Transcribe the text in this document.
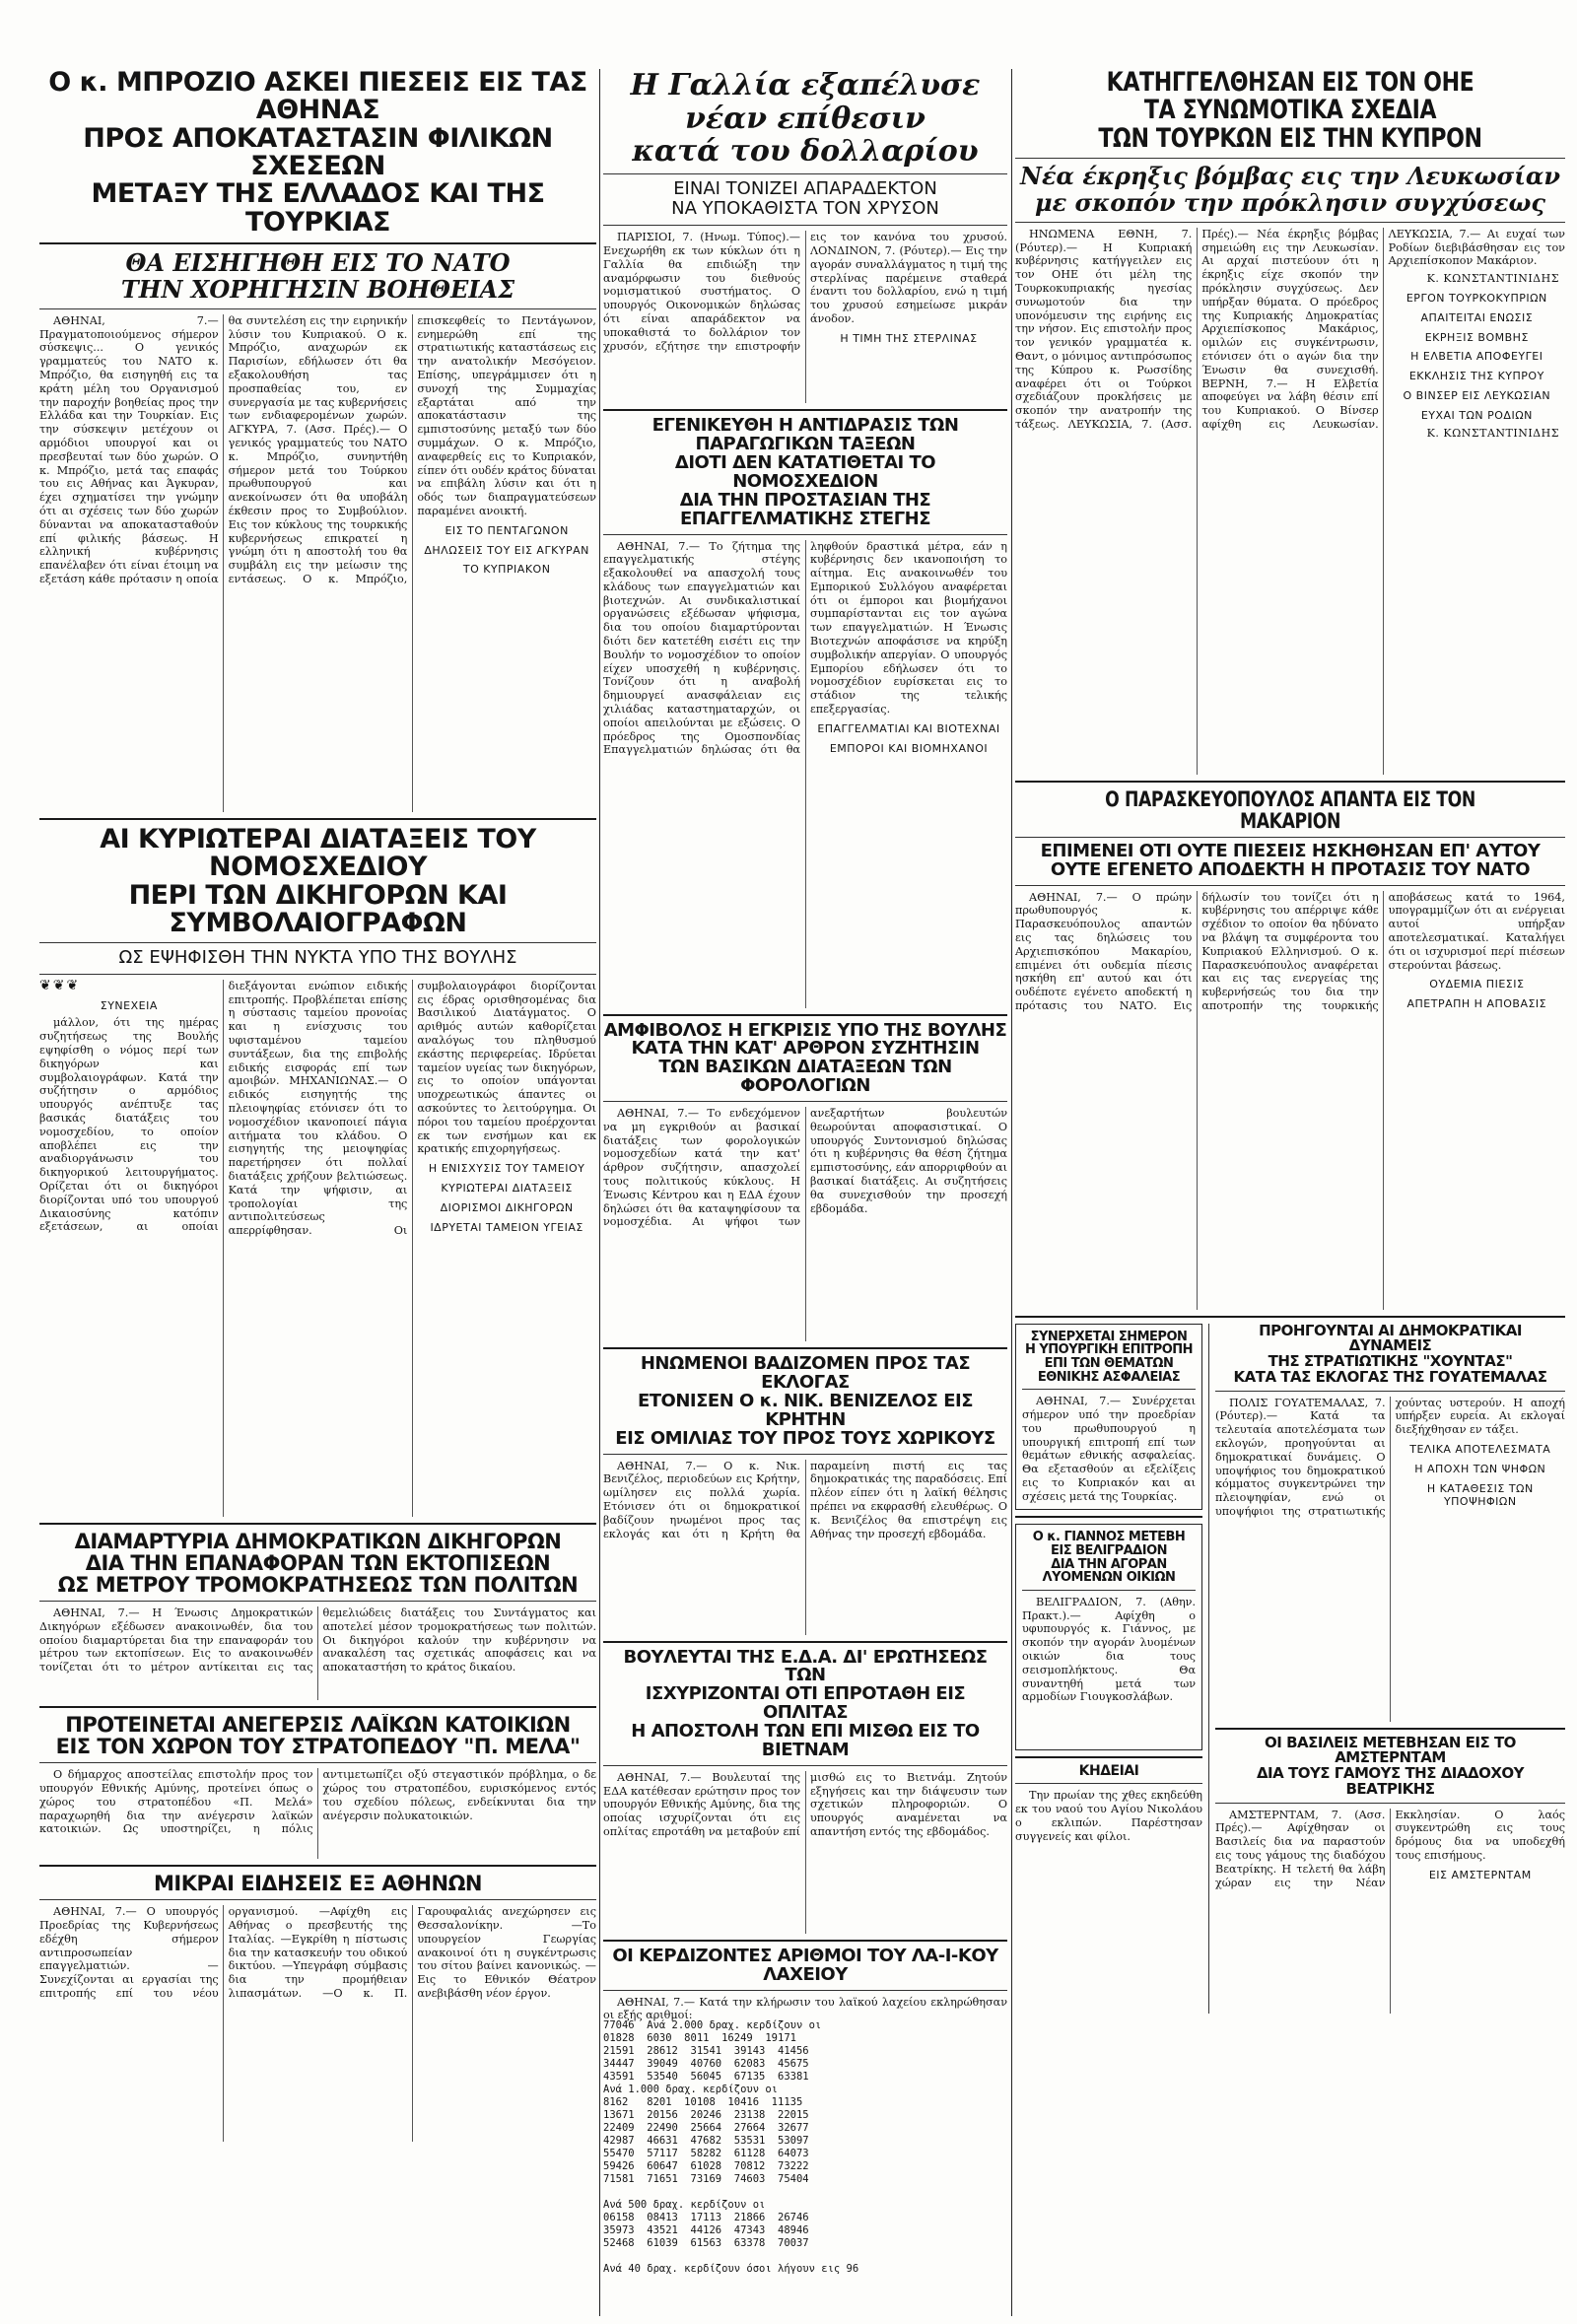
Ο κ. ΜΠΡΟΖΙΟ ΑΣΚΕΙ ΠΙΕΣΕΙΣ ΕΙΣ ΤΑΣ ΑΘΗΝΑΣ
ΠΡΟΣ ΑΠΟΚΑΤΑΣΤΑΣΙΝ ΦΙΛΙΚΩΝ ΣΧΕΣΕΩΝ
ΜΕΤΑΞΥ ΤΗΣ ΕΛΛΑΔΟΣ ΚΑΙ ΤΗΣ ΤΟΥΡΚΙΑΣ
ΘΑ ΕΙΣΗΓΗΘΗ ΕΙΣ ΤΟ ΝΑΤΟ
ΤΗΝ ΧΟΡΗΓΗΣΙΝ ΒΟΗΘΕΙΑΣ

ΑΘΗΝΑΙ, 7.— Πραγματοποιούμενος σήμερον σύσκεψις... Ο γενικός γραμματεύς του ΝΑΤΟ κ. Μπρόζιο, θα εισηγηθή εις τα κράτη μέλη του Οργανισμού την παροχήν βοηθείας προς την Ελλάδα και την Τουρκίαν. Εις την σύσκεψιν μετέχουν οι αρμόδιοι υπουργοί και οι πρεσβευταί των δύο χωρών. Ο κ. Μπρόζιο, μετά τας επαφάς του εις Αθήνας και Άγκυραν, έχει σχηματίσει την γνώμην ότι αι σχέσεις των δύο χωρών δύνανται να αποκατασταθούν επί φιλικής βάσεως. Η ελληνική κυβέρνησις επανέλαβεν ότι είναι έτοιμη να εξετάση κάθε πρότασιν η οποία θα συντελέση εις την ειρηνικήν λύσιν του Κυπριακού. Ο κ. Μπρόζιο, αναχωρών εκ Παρισίων, εδήλωσεν ότι θα εξακολουθήση τας προσπαθείας του, εν συνεργασία με τας κυβερνήσεις των ενδιαφερομένων χωρών. ΑΓΚΥΡΑ, 7. (Ασσ. Πρές).— Ο γενικός γραμματεύς του ΝΑΤΟ κ. Μπρόζιο, συνηντήθη σήμερον μετά του Τούρκου πρωθυπουργού και ανεκοίνωσεν ότι θα υποβάλη έκθεσιν προς το Συμβούλιον. Εις τον κύκλους της τουρκικής κυβερνήσεως επικρατεί η γνώμη ότι η αποστολή του θα συμβάλη εις την μείωσιν της εντάσεως. Ο κ. Μπρόζιο, επισκεφθείς το Πεντάγωνον, ενημερώθη επί της στρατιωτικής καταστάσεως εις την ανατολικήν Μεσόγειον. Επίσης, υπεγράμμισεν ότι η συνοχή της Συμμαχίας εξαρτάται από την αποκατάστασιν της εμπιστοσύνης μεταξύ των δύο συμμάχων. Ο κ. Μπρόζιο, αναφερθείς εις το Κυπριακόν, είπεν ότι ουδέν κράτος δύναται να επιβάλη λύσιν και ότι η οδός των διαπραγματεύσεων παραμένει ανοικτή.

ΕΙΣ ΤΟ ΠΕΝΤΑΓΩΝΟΝ
ΔΗΛΩΣΕΙΣ ΤΟΥ ΕΙΣ ΑΓΚΥΡΑΝ
ΤΟ ΚΥΠΡΙΑΚΟΝ
ΑΙ ΚΥΡΙΩΤΕΡΑΙ ΔΙΑΤΑΞΕΙΣ ΤΟΥ ΝΟΜΟΣΧΕΔΙΟΥ
ΠΕΡΙ ΤΩΝ ΔΙΚΗΓΟΡΩΝ ΚΑΙ ΣΥΜΒΟΛΑΙΟΓΡΑΦΩΝ
ΩΣ ΕΨΗΦΙΣΘΗ ΤΗΝ ΝΥΚΤΑ ΥΠΟ ΤΗΣ ΒΟΥΛΗΣ
❦❦❦
ΣΥΝΕΧΕΙΑ

μάλλον, ότι της ημέρας συζητήσεως της Βουλής εψηφίσθη ο νόμος περί των δικηγόρων και συμβολαιογράφων. Κατά την συζήτησιν ο αρμόδιος υπουργός ανέπτυξε τας βασικάς διατάξεις του νομοσχεδίου, το οποίον αποβλέπει εις την αναδιοργάνωσιν του δικηγορικού λειτουργήματος. Ορίζεται ότι οι δικηγόροι διορίζονται υπό του υπουργού Δικαιοσύνης κατόπιν εξετάσεων, αι οποίαι διεξάγονται ενώπιον ειδικής επιτροπής. Προβλέπεται επίσης η σύστασις ταμείου προνοίας και η ενίσχυσις του υφισταμένου ταμείου συντάξεων, δια της επιβολής ειδικής εισφοράς επί των αμοιβών. ΜΗΧΑΝΙΩΝΑΣ.— Ο ειδικός εισηγητής της πλειοψηφίας ετόνισεν ότι το νομοσχέδιον ικανοποιεί πάγια αιτήματα του κλάδου. Ο εισηγητής της μειοψηφίας παρετήρησεν ότι πολλαί διατάξεις χρήζουν βελτιώσεως. Κατά την ψήφισιν, αι τροπολογίαι της αντιπολιτεύσεως απερρίφθησαν. Οι συμβολαιογράφοι διορίζονται εις έδρας ορισθησομένας δια Βασιλικού Διατάγματος. Ο αριθμός αυτών καθορίζεται αναλόγως του πληθυσμού εκάστης περιφερείας. Ιδρύεται ταμείον υγείας των δικηγόρων, εις το οποίον υπάγονται υποχρεωτικώς άπαντες οι ασκούντες το λειτούργημα. Οι πόροι του ταμείου προέρχονται εκ των ενσήμων και εκ κρατικής επιχορηγήσεως.

Η ΕΝΙΣΧΥΣΙΣ ΤΟΥ ΤΑΜΕΙΟΥ
ΚΥΡΙΩΤΕΡΑΙ ΔΙΑΤΑΞΕΙΣ
ΔΙΟΡΙΣΜΟΙ ΔΙΚΗΓΟΡΩΝ
ΙΔΡΥΕΤΑΙ ΤΑΜΕΙΟΝ ΥΓΕΙΑΣ
ΔΙΑΜΑΡΤΥΡΙΑ ΔΗΜΟΚΡΑΤΙΚΩΝ ΔΙΚΗΓΟΡΩΝ
ΔΙΑ ΤΗΝ ΕΠΑΝΑΦΟΡΑΝ ΤΩΝ ΕΚΤΟΠΙΣΕΩΝ
ΩΣ ΜΕΤΡΟΥ ΤΡΟΜΟΚΡΑΤΗΣΕΩΣ ΤΩΝ ΠΟΛΙΤΩΝ

ΑΘΗΝΑΙ, 7.— Η Ένωσις Δημοκρατικών Δικηγόρων εξέδωσεν ανακοινωθέν, δια του οποίου διαμαρτύρεται δια την επαναφοράν του μέτρου των εκτοπίσεων. Εις το ανακοινωθέν τονίζεται ότι το μέτρον αντίκειται εις τας θεμελιώδεις διατάξεις του Συντάγματος και αποτελεί μέσον τρομοκρατήσεως των πολιτών. Οι δικηγόροι καλούν την κυβέρνησιν να ανακαλέση τας σχετικάς αποφάσεις και να αποκαταστήση το κράτος δικαίου.

ΠΡΟΤΕΙΝΕΤΑΙ ΑΝΕΓΕΡΣΙΣ ΛΑΪΚΩΝ ΚΑΤΟΙΚΙΩΝ
ΕΙΣ ΤΟΝ ΧΩΡΟΝ ΤΟΥ ΣΤΡΑΤΟΠΕΔΟΥ "Π. ΜΕΛΑ"

Ο δήμαρχος αποστείλας επιστολήν προς τον υπουργόν Εθνικής Αμύνης, προτείνει όπως ο χώρος του στρατοπέδου «Π. Μελά» παραχωρηθή δια την ανέγερσιν λαϊκών κατοικιών. Ως υποστηρίζει, η πόλις αντιμετωπίζει οξύ στεγαστικόν πρόβλημα, ο δε χώρος του στρατοπέδου, ευρισκόμενος εντός του σχεδίου πόλεως, ενδείκνυται δια την ανέγερσιν πολυκατοικιών.

ΜΙΚΡΑΙ ΕΙΔΗΣΕΙΣ ΕΞ ΑΘΗΝΩΝ

ΑΘΗΝΑΙ, 7.— Ο υπουργός Προεδρίας της Κυβερνήσεως εδέχθη σήμερον αντιπροσωπείαν επαγγελματιών. —Συνεχίζονται αι εργασίαι της επιτροπής επί του νέου οργανισμού. —Αφίχθη εις Αθήνας ο πρεσβευτής της Ιταλίας. —Εγκρίθη η πίστωσις δια την κατασκευήν του οδικού δικτύου. —Υπεγράφη σύμβασις δια την προμήθειαν λιπασμάτων. —Ο κ. Π. Γαρουφαλιάς ανεχώρησεν εις Θεσσαλονίκην. —Το υπουργείον Γεωργίας ανακοινοί ότι η συγκέντρωσις του σίτου βαίνει κανονικώς. —Εις το Εθνικόν Θέατρον ανεβιβάσθη νέον έργον.

Η Γαλλία εξαπέλυσε
νέαν επίθεσιν
κατά του δολλαρίου
ΕΙΝΑΙ ΤΟΝΙΖΕΙ ΑΠΑΡΑΔΕΚΤΟΝ
ΝΑ ΥΠΟΚΑΘΙΣΤΑ ΤΟΝ ΧΡΥΣΟΝ

ΠΑΡΙΣΙΟΙ, 7. (Ηνωμ. Τύπος).— Ενεχωρήθη εκ των κύκλων ότι η Γαλλία θα επιδιώξη την αναμόρφωσιν του διεθνούς νομισματικού συστήματος. Ο υπουργός Οικονομικών δηλώσας ότι είναι απαράδεκτον να υποκαθιστά το δολλάριον τον χρυσόν, εζήτησε την επιστροφήν εις τον κανόνα του χρυσού. ΛΟΝΔΙΝΟΝ, 7. (Ρόυτερ).— Εις την αγοράν συναλλάγματος η τιμή της στερλίνας παρέμεινε σταθερά έναντι του δολλαρίου, ενώ η τιμή του χρυσού εσημείωσε μικράν άνοδον.

Η ΤΙΜΗ ΤΗΣ ΣΤΕΡΛΙΝΑΣ
ΕΓΕΝΙΚΕΥΘΗ Η ΑΝΤΙΔΡΑΣΙΣ ΤΩΝ ΠΑΡΑΓΩΓΙΚΩΝ ΤΑΞΕΩΝ
ΔΙΟΤΙ ΔΕΝ ΚΑΤΑΤΙΘΕΤΑΙ ΤΟ ΝΟΜΟΣΧΕΔΙΟΝ
ΔΙΑ ΤΗΝ ΠΡΟΣΤΑΣΙΑΝ ΤΗΣ ΕΠΑΓΓΕΛΜΑΤΙΚΗΣ ΣΤΕΓΗΣ

ΑΘΗΝΑΙ, 7.— Το ζήτημα της επαγγελματικής στέγης εξακολουθεί να απασχολή τους κλάδους των επαγγελματιών και βιοτεχνών. Αι συνδικαλιστικαί οργανώσεις εξέδωσαν ψήφισμα, δια του οποίου διαμαρτύρονται διότι δεν κατετέθη εισέτι εις την Βουλήν το νομοσχέδιον το οποίον είχεν υποσχεθή η κυβέρνησις. Τονίζουν ότι η αναβολή δημιουργεί ανασφάλειαν εις χιλιάδας καταστηματαρχών, οι οποίοι απειλούνται με εξώσεις. Ο πρόεδρος της Ομοσπονδίας Επαγγελματιών δηλώσας ότι θα ληφθούν δραστικά μέτρα, εάν η κυβέρνησις δεν ικανοποιήση το αίτημα. Εις ανακοινωθέν του Εμπορικού Συλλόγου αναφέρεται ότι οι έμποροι και βιομήχανοι συμπαρίστανται εις τον αγώνα των επαγγελματιών. Η Ένωσις Βιοτεχνών αποφάσισε να κηρύξη συμβολικήν απεργίαν. Ο υπουργός Εμπορίου εδήλωσεν ότι το νομοσχέδιον ευρίσκεται εις το στάδιον της τελικής επεξεργασίας.

ΕΠΑΓΓΕΛΜΑΤΙΑΙ ΚΑΙ ΒΙΟΤΕΧΝΑΙ
ΕΜΠΟΡΟΙ ΚΑΙ ΒΙΟΜΗΧΑΝΟΙ
ΑΜΦΙΒΟΛΟΣ Η ΕΓΚΡΙΣΙΣ ΥΠΟ ΤΗΣ ΒΟΥΛΗΣ
ΚΑΤΑ ΤΗΝ ΚΑΤ' ΑΡΘΡΟΝ ΣΥΖΗΤΗΣΙΝ
ΤΩΝ ΒΑΣΙΚΩΝ ΔΙΑΤΑΞΕΩΝ ΤΩΝ ΦΟΡΟΛΟΓΙΩΝ

ΑΘΗΝΑΙ, 7.— Το ενδεχόμενον να μη εγκριθούν αι βασικαί διατάξεις των φορολογικών νομοσχεδίων κατά την κατ' άρθρον συζήτησιν, απασχολεί τους πολιτικούς κύκλους. Η Ένωσις Κέντρου και η ΕΔΑ έχουν δηλώσει ότι θα καταψηφίσουν τα νομοσχέδια. Αι ψήφοι των ανεξαρτήτων βουλευτών θεωρούνται αποφασιστικαί. Ο υπουργός Συντονισμού δηλώσας ότι η κυβέρνησις θα θέση ζήτημα εμπιστοσύνης, εάν απορριφθούν αι βασικαί διατάξεις. Αι συζητήσεις θα συνεχισθούν την προσεχή εβδομάδα.

ΗΝΩΜΕΝΟΙ ΒΑΔΙΖΟΜΕΝ ΠΡΟΣ ΤΑΣ ΕΚΛΟΓΑΣ
ΕΤΟΝΙΣΕΝ Ο κ. ΝΙΚ. ΒΕΝΙΖΕΛΟΣ ΕΙΣ ΚΡΗΤΗΝ
ΕΙΣ ΟΜΙΛΙΑΣ ΤΟΥ ΠΡΟΣ ΤΟΥΣ ΧΩΡΙΚΟΥΣ

ΑΘΗΝΑΙ, 7.— Ο κ. Νικ. Βενιζέλος, περιοδεύων εις Κρήτην, ωμίλησεν εις πολλά χωρία. Ετόνισεν ότι οι δημοκρατικοί βαδίζουν ηνωμένοι προς τας εκλογάς και ότι η Κρήτη θα παραμείνη πιστή εις τας δημοκρατικάς της παραδόσεις. Επί πλέον είπεν ότι η λαϊκή θέλησις πρέπει να εκφρασθή ελευθέρως. Ο κ. Βενιζέλος θα επιστρέψη εις Αθήνας την προσεχή εβδομάδα.

ΒΟΥΛΕΥΤΑΙ ΤΗΣ Ε.Δ.Α. ΔΙ' ΕΡΩΤΗΣΕΩΣ ΤΩΝ
ΙΣΧΥΡΙΖΟΝΤΑΙ ΟΤΙ ΕΠΡΟΤΑΘΗ ΕΙΣ ΟΠΛΙΤΑΣ
Η ΑΠΟΣΤΟΛΗ ΤΩΝ ΕΠΙ ΜΙΣΘΩ ΕΙΣ ΤΟ ΒΙΕΤΝΑΜ

ΑΘΗΝΑΙ, 7.— Βουλευταί της ΕΔΑ κατέθεσαν ερώτησιν προς τον υπουργόν Εθνικής Αμύνης, δια της οποίας ισχυρίζονται ότι εις οπλίτας επροτάθη να μεταβούν επί μισθώ εις το Βιετνάμ. Ζητούν εξηγήσεις και την διάψευσιν των σχετικών πληροφοριών. Ο υπουργός αναμένεται να απαντήση εντός της εβδομάδος.

ΟΙ ΚΕΡΔΙΖΟΝΤΕΣ ΑΡΙΘΜΟΙ ΤΟΥ ΛΑ-Ι-ΚΟΥ ΛΑΧΕΙΟΥ

ΑΘΗΝΑΙ, 7.— Κατά την κλήρωσιν του λαϊκού λαχείου εκληρώθησαν οι εξής αριθμοί:

77046  Ανά 2.000 δραχ. κερδίζουν οι
01828  6030  8011  16249  19171
21591  28612  31541  39143  41456
34447  39049  40760  62083  45675
43591  53540  56045  67135  63381
Ανά 1.000 δραχ. κερδίζουν οι
8162   8201  10108  10416  11135
13671  20156  20246  23138  22015
22409  22490  25664  27664  32677
42987  46631  47682  53531  53097
55470  57117  58282  61128  64073
59426  60647  61028  70812  73222
71581  71651  73169  74603  75404

Ανά 500 δραχ. κερδίζουν οι
06158  08413  17113  21866  26746
35973  43521  44126  47343  48946
52468  61039  61563  63378  70037

Ανά 40 δραχ. κερδίζουν όσοι λήγουν εις 96
ΚΑΤΗΓΓΕΛΘΗΣΑΝ ΕΙΣ ΤΟΝ ΟΗΕ
ΤΑ ΣΥΝΩΜΟΤΙΚΑ ΣΧΕΔΙΑ
ΤΩΝ ΤΟΥΡΚΩΝ ΕΙΣ ΤΗΝ ΚΥΠΡΟΝ
Νέα έκρηξις βόμβας εις την Λευκωσίαν
με σκοπόν την πρόκλησιν συγχύσεως

ΗΝΩΜΕΝΑ ΕΘΝΗ, 7. (Ρόυτερ).— Η Κυπριακή κυβέρνησις κατήγγειλεν εις τον ΟΗΕ ότι μέλη της Τουρκοκυπριακής ηγεσίας συνωμοτούν δια την υπονόμευσιν της ειρήνης εις την νήσον. Εις επιστολήν προς τον γενικόν γραμματέα κ. Θαντ, ο μόνιμος αντιπρόσωπος της Κύπρου κ. Ρωσσίδης αναφέρει ότι οι Τούρκοι σχεδιάζουν προκλήσεις με σκοπόν την ανατροπήν της τάξεως. ΛΕΥΚΩΣΙΑ, 7. (Ασσ. Πρές).— Νέα έκρηξις βόμβας σημειώθη εις την Λευκωσίαν. Αι αρχαί πιστεύουν ότι η έκρηξις είχε σκοπόν την πρόκλησιν συγχύσεως. Δεν υπήρξαν θύματα. Ο πρόεδρος της Κυπριακής Δημοκρατίας Αρχιεπίσκοπος Μακάριος, ομιλών εις συγκέντρωσιν, ετόνισεν ότι ο αγών δια την Ένωσιν θα συνεχισθή. ΒΕΡΝΗ, 7.— Η Ελβετία αποφεύγει να λάβη θέσιν επί του Κυπριακού. Ο Βίνσερ αφίχθη εις Λευκωσίαν. ΛΕΥΚΩΣΙΑ, 7.— Αι ευχαί των Ροδίων διεβιβάσθησαν εις τον Αρχιεπίσκοπον Μακάριον.

Κ. ΚΩΝΣΤΑΝΤΙΝΙΔΗΣ
ΕΡΓΟΝ ΤΟΥΡΚΟΚΥΠΡΙΩΝ
ΑΠΑΙΤΕΙΤΑΙ ΕΝΩΣΙΣ
ΕΚΡΗΞΙΣ ΒΟΜΒΗΣ
Η ΕΛΒΕΤΙΑ ΑΠΟΦΕΥΓΕΙ
ΕΚΚΛΗΣΙΣ ΤΗΣ ΚΥΠΡΟΥ
Ο ΒΙΝΣΕΡ ΕΙΣ ΛΕΥΚΩΣΙΑΝ
ΕΥΧΑΙ ΤΩΝ ΡΟΔΙΩΝ
Κ. ΚΩΝΣΤΑΝΤΙΝΙΔΗΣ
Ο ΠΑΡΑΣΚΕΥΟΠΟΥΛΟΣ ΑΠΑΝΤΑ ΕΙΣ ΤΟΝ ΜΑΚΑΡΙΟΝ
ΕΠΙΜΕΝΕΙ ΟΤΙ ΟΥΤΕ ΠΙΕΣΕΙΣ ΗΣΚΗΘΗΣΑΝ ΕΠ' ΑΥΤΟΥ
ΟΥΤΕ ΕΓΕΝΕΤΟ ΑΠΟΔΕΚΤΗ Η ΠΡΟΤΑΣΙΣ ΤΟΥ ΝΑΤΟ

ΑΘΗΝΑΙ, 7.— Ο πρώην πρωθυπουργός κ. Παρασκευόπουλος απαντών εις τας δηλώσεις του Αρχιεπισκόπου Μακαρίου, επιμένει ότι ουδεμία πίεσις ησκήθη επ' αυτού και ότι ουδέποτε εγένετο αποδεκτή η πρότασις του ΝΑΤΟ. Εις δήλωσίν του τονίζει ότι η κυβέρνησις του απέρριψε κάθε σχέδιον το οποίον θα ηδύνατο να βλάψη τα συμφέροντα του Κυπριακού Ελληνισμού. Ο κ. Παρασκευόπουλος αναφέρεται και εις τας ενεργείας της κυβερνήσεώς του δια την αποτροπήν της τουρκικής αποβάσεως κατά το 1964, υπογραμμίζων ότι αι ενέργειαι αυτοί υπήρξαν αποτελεσματικαί. Καταλήγει ότι οι ισχυρισμοί περί πιέσεων στερούνται βάσεως.

ΟΥΔΕΜΙΑ ΠΙΕΣΙΣ
ΑΠΕΤΡΑΠΗ Η ΑΠΟΒΑΣΙΣ
ΣΥΝΕΡΧΕΤΑΙ ΣΗΜΕΡΟΝ
Η ΥΠΟΥΡΓΙΚΗ ΕΠΙΤΡΟΠΗ
ΕΠΙ ΤΩΝ ΘΕΜΑΤΩΝ
ΕΘΝΙΚΗΣ ΑΣΦΑΛΕΙΑΣ

ΑΘΗΝΑΙ, 7.— Συνέρχεται σήμερον υπό την προεδρίαν του πρωθυπουργού η υπουργική επιτροπή επί των θεμάτων εθνικής ασφαλείας. Θα εξετασθούν αι εξελίξεις εις το Κυπριακόν και αι σχέσεις μετά της Τουρκίας.

Ο κ. ΓΙΑΝΝΟΣ ΜΕΤΕΒΗ
ΕΙΣ ΒΕΛΙΓΡΑΔΙΟΝ
ΔΙΑ ΤΗΝ ΑΓΟΡΑΝ
ΛΥΟΜΕΝΩΝ ΟΙΚΙΩΝ

ΒΕΛΙΓΡΑΔΙΟΝ, 7. (Αθην. Πρακτ.).— Αφίχθη ο υφυπουργός κ. Γιάννος, με σκοπόν την αγοράν λυομένων οικιών δια τους σεισμοπλήκτους. Θα συναντηθή μετά των αρμοδίων Γιουγκοσλάβων.

ΚΗΔΕΙΑΙ

Την πρωίαν της χθες εκηδεύθη εκ του ναού του Αγίου Νικολάου ο εκλιπών. Παρέστησαν συγγενείς και φίλοι.

ΠΡΟΗΓΟΥΝΤΑΙ ΑΙ ΔΗΜΟΚΡΑΤΙΚΑΙ ΔΥΝΑΜΕΙΣ
ΤΗΣ ΣΤΡΑΤΙΩΤΙΚΗΣ "ΧΟΥΝΤΑΣ"
ΚΑΤΑ ΤΑΣ ΕΚΛΟΓΑΣ ΤΗΣ ΓΟΥΑΤΕΜΑΛΑΣ

ΠΟΛΙΣ ΓΟΥΑΤΕΜΑΛΑΣ, 7. (Ρόυτερ).— Κατά τα τελευταία αποτελέσματα των εκλογών, προηγούνται αι δημοκρατικαί δυνάμεις. Ο υποψήφιος του δημοκρατικού κόμματος συγκεντρώνει την πλειοψηφίαν, ενώ οι υποψήφιοι της στρατιωτικής χούντας υστερούν. Η αποχή υπήρξεν ευρεία. Αι εκλογαί διεξήχθησαν εν τάξει.

ΤΕΛΙΚΑ ΑΠΟΤΕΛΕΣΜΑΤΑ
Η ΑΠΟΧΗ ΤΩΝ ΨΗΦΩΝ
Η ΚΑΤΑΘΕΣΙΣ ΤΩΝ ΥΠΟΨΗΦΙΩΝ
ΟΙ ΒΑΣΙΛΕΙΣ ΜΕΤΕΒΗΣΑΝ ΕΙΣ ΤΟ ΑΜΣΤΕΡΝΤΑΜ
ΔΙΑ ΤΟΥΣ ΓΑΜΟΥΣ ΤΗΣ ΔΙΑΔΟΧΟΥ ΒΕΑΤΡΙΚΗΣ

ΑΜΣΤΕΡΝΤΑΜ, 7. (Ασσ. Πρές).— Αφίχθησαν οι Βασιλείς δια να παραστούν εις τους γάμους της διαδόχου Βεατρίκης. Η τελετή θα λάβη χώραν εις την Νέαν Εκκλησίαν. Ο λαός συγκεντρώθη εις τους δρόμους δια να υποδεχθή τους επισήμους.

ΕΙΣ ΑΜΣΤΕΡΝΤΑΜ
